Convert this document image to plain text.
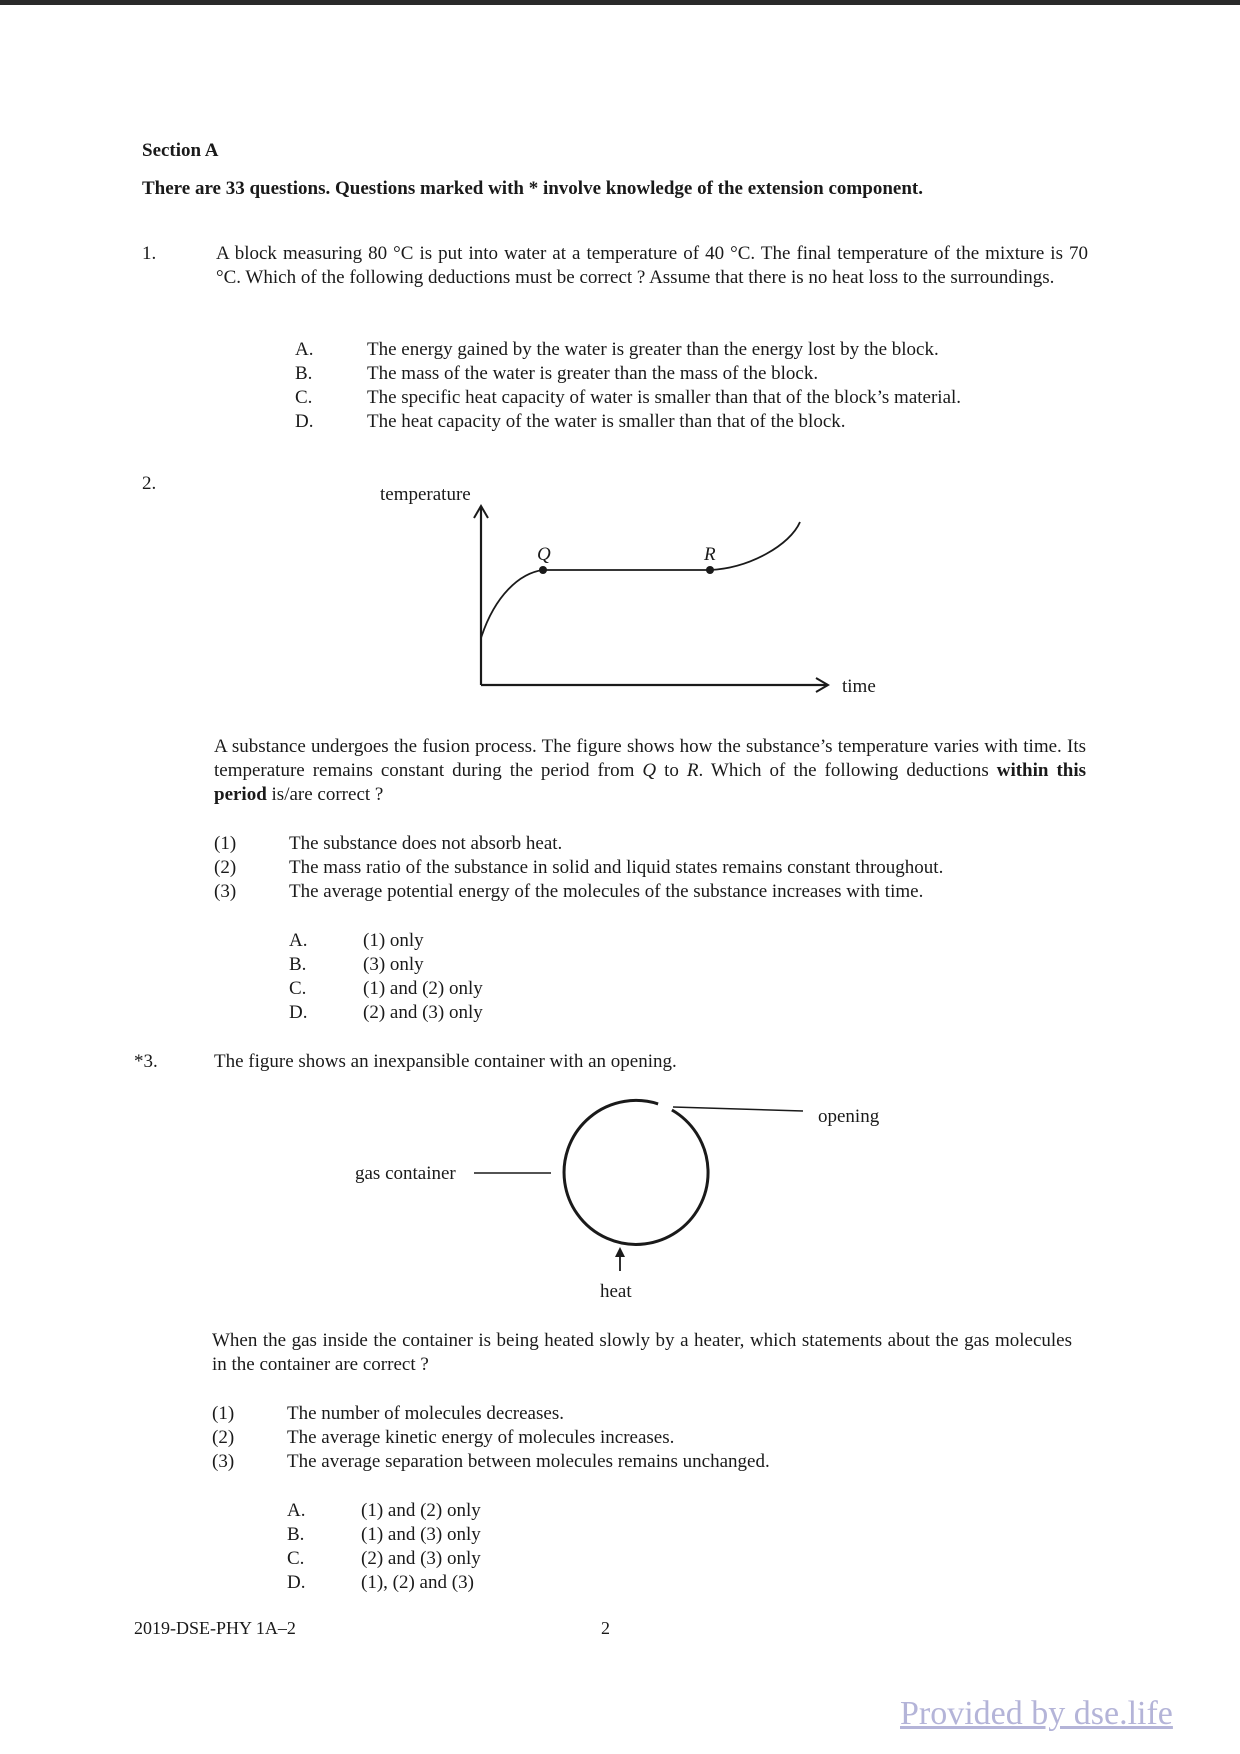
Section A
There are 33 questions. Questions marked with * involve knowledge of the extension component.
1.	A block measuring 80 °C is put into water at a temperature of 40 °C. The final temperature of the mixture is 70 °C. Which of the following deductions must be correct ? Assume that there is no heat loss to the surroundings.
A.	The energy gained by the water is greater than the energy lost by the block.
B.	The mass of the water is greater than the mass of the block.
C.	The specific heat capacity of water is smaller than that of the block’s material.
D.	The heat capacity of the water is smaller than that of the block.
2.
temperature
time
Q	R
A substance undergoes the fusion process. The figure shows how the substance’s temperature varies with time. Its temperature remains constant during the period from Q to R. Which of the following deductions within this period is/are correct ?
(1)	The substance does not absorb heat.
(2)	The mass ratio of the substance in solid and liquid states remains constant throughout.
(3)	The average potential energy of the molecules of the substance increases with time.
A.	(1) only
B.	(3) only
C.	(1) and (2) only
D.	(2) and (3) only
*3.	The figure shows an inexpansible container with an opening.
opening
gas container
heat
When the gas inside the container is being heated slowly by a heater, which statements about the gas molecules in the container are correct ?
(1)	The number of molecules decreases.
(2)	The average kinetic energy of molecules increases.
(3)	The average separation between molecules remains unchanged.
A.	(1) and (2) only
B.	(1) and (3) only
C.	(2) and (3) only
D.	(1), (2) and (3)
2019-DSE-PHY 1A–2	2
Provided by dse.life
